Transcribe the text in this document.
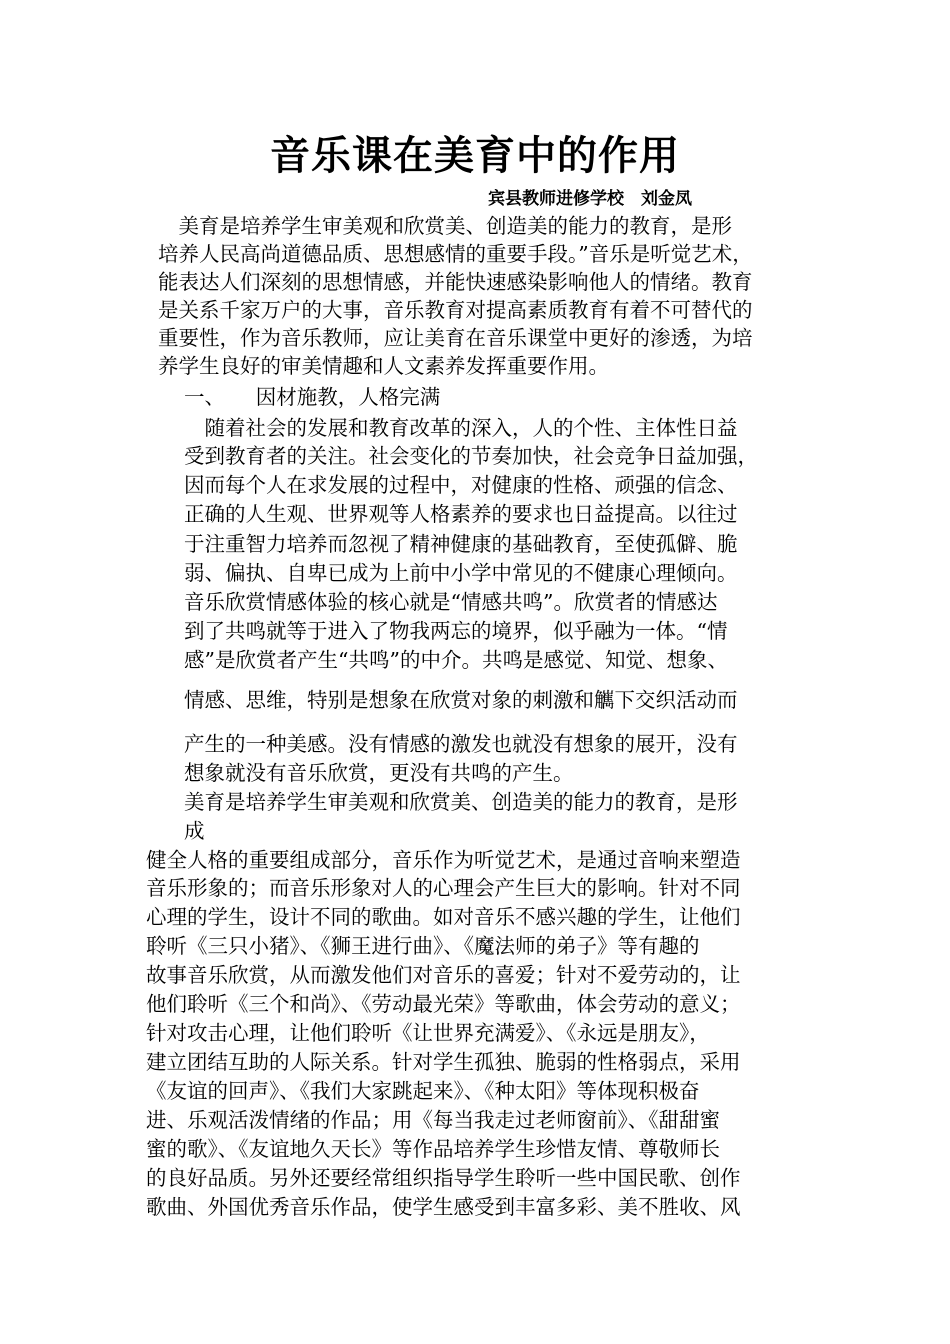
音乐课在美育中的作用
宾县教师进修学校　刘金凤
　美育是培养学生审美观和欣赏美、创造美的能力的教育，是形
培养人民高尚道德品质、思想感情的重要手段。”音乐是听觉艺术，
能表达人们深刻的思想情感，并能快速感染影响他人的情绪。教育
是关系千家万户的大事，音乐教育对提高素质教育有着不可替代的
重要性，作为音乐教师，应让美育在音乐课堂中更好的渗透，为培
养学生良好的审美情趣和人文素养发挥重要作用。
一、　　因材施教，人格完满
　随着社会的发展和教育改革的深入，人的个性、主体性日益
受到教育者的关注。社会变化的节奏加快，社会竞争日益加强，
因而每个人在求发展的过程中，对健康的性格、顽强的信念、
正确的人生观、世界观等人格素养的要求也日益提高。以往过
于注重智力培养而忽视了精神健康的基础教育，至使孤僻、脆
弱、偏执、自卑已成为上前中小学中常见的不健康心理倾向。
音乐欣赏情感体验的核心就是“情感共鸣”。欣赏者的情感达
到了共鸣就等于进入了物我两忘的境界，似乎融为一体。“情
感”是欣赏者产生“共鸣”的中介。共鸣是感觉、知觉、想象、
情感、思维，特别是想象在欣赏对象的刺激和觽下交织活动而
产生的一种美感。没有情感的激发也就没有想象的展开，没有
想象就没有音乐欣赏，更没有共鸣的产生。
美育是培养学生审美观和欣赏美、创造美的能力的教育，是形
成
健全人格的重要组成部分，音乐作为听觉艺术，是通过音响来塑造
音乐形象的；而音乐形象对人的心理会产生巨大的影响。针对不同
心理的学生，设计不同的歌曲。如对音乐不感兴趣的学生，让他们
聆听《三只小猪》、《狮王进行曲》、《魔法师的弟子》等有趣的
故事音乐欣赏，从而激发他们对音乐的喜爱；针对不爱劳动的，让
他们聆听《三个和尚》、《劳动最光荣》等歌曲，体会劳动的意义；
针对攻击心理，让他们聆听《让世界充满爱》、《永远是朋友》，
建立团结互助的人际关系。针对学生孤独、脆弱的性格弱点，采用
《友谊的回声》、《我们大家跳起来》、《种太阳》等体现积极奋
进、乐观活泼情绪的作品；用《每当我走过老师窗前》、《甜甜蜜
蜜的歌》、《友谊地久天长》等作品培养学生珍惜友情、尊敬师长
的良好品质。另外还要经常组织指导学生聆听一些中国民歌、创作
歌曲、外国优秀音乐作品，使学生感受到丰富多彩、美不胜收、风
